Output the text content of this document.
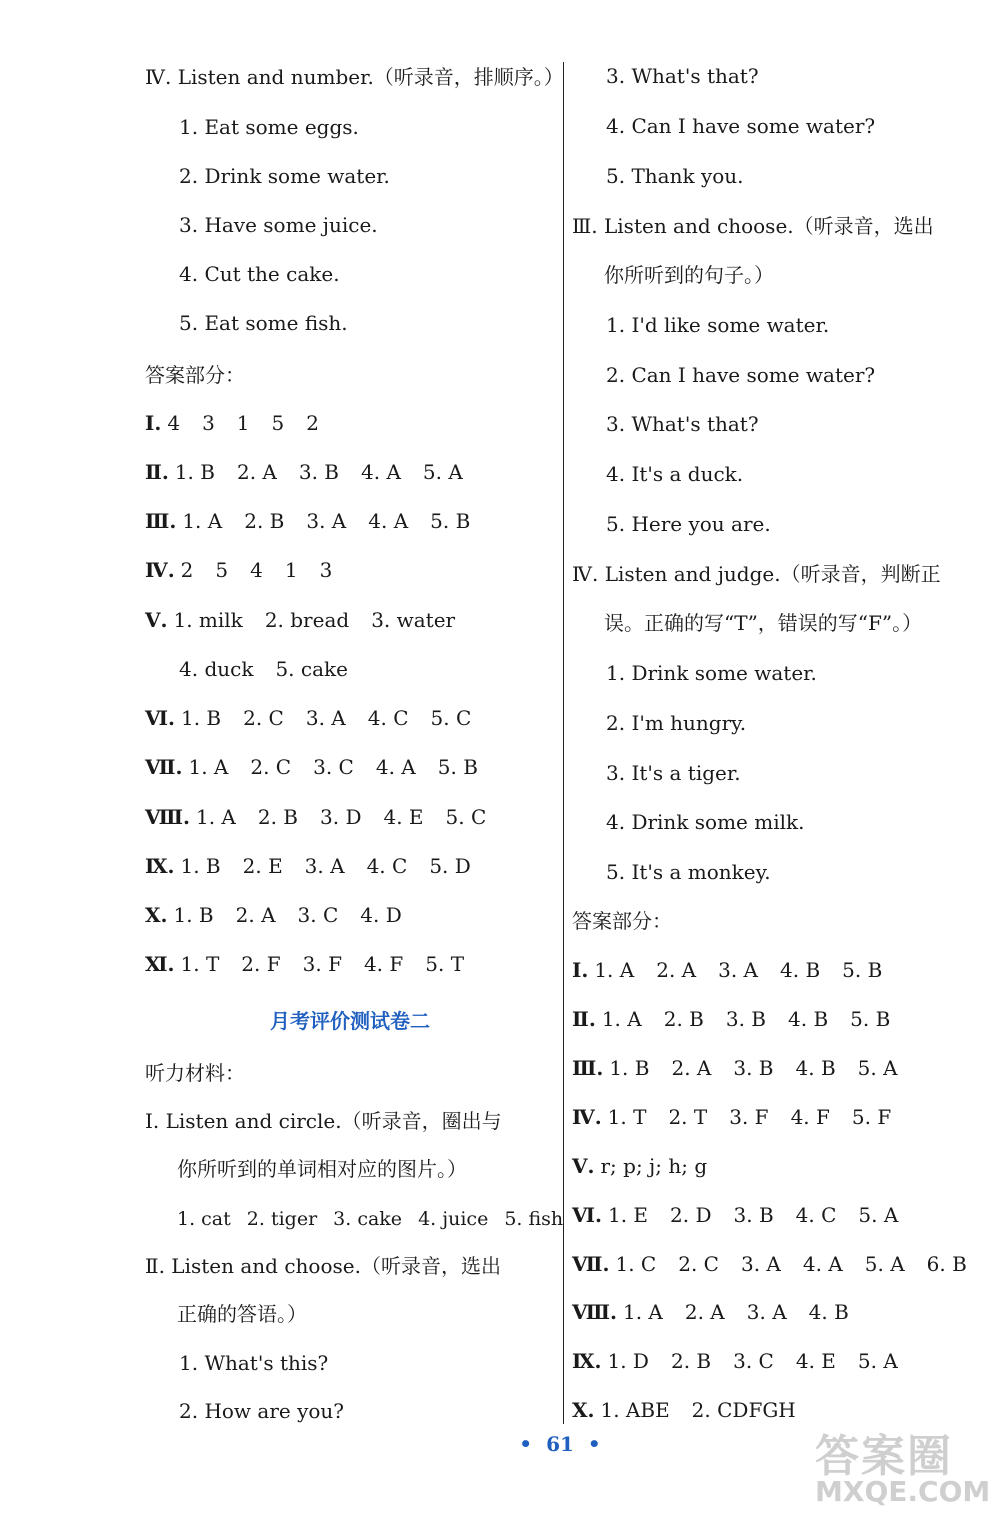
Ⅳ. Listen and number.（听录音，排顺序。）
1. Eat some eggs.
2. Drink some water.
3. Have some juice.
4. Cut the cake.
5. Eat some fish.
答案部分：
Ⅰ. 4 3 1 5 2
Ⅱ. 1. B 2. A 3. B 4. A 5. A
Ⅲ. 1. A 2. B 3. A 4. A 5. B
Ⅳ. 2 5 4 1 3
Ⅴ. 1. milk 2. bread 3. water
4. duck 5. cake
Ⅵ. 1. B 2. C 3. A 4. C 5. C
Ⅶ. 1. A 2. C 3. C 4. A 5. B
Ⅷ. 1. A 2. B 3. D 4. E 5. C
Ⅸ. 1. B 2. E 3. A 4. C 5. D
Ⅹ. 1. B 2. A 3. C 4. D
Ⅺ. 1. T 2. F 3. F 4. F 5. T
月考评价测试卷二
听力材料：
Ⅰ. Listen and circle.（听录音，圈出与
你所听到的单词相对应的图片。）
1. cat 2. tiger 3. cake 4. juice 5. fish
Ⅱ. Listen and choose.（听录音，选出
正确的答语。）
1. What's this?
2. How are you?
3. What's that?
4. Can I have some water?
5. Thank you.
Ⅲ. Listen and choose.（听录音，选出
你所听到的句子。）
1. I'd like some water.
2. Can I have some water?
3. What's that?
4. It's a duck.
5. Here you are.
Ⅳ. Listen and judge.（听录音，判断正
误。正确的写“T”，错误的写“F”。）
1. Drink some water.
2. I'm hungry.
3. It's a tiger.
4. Drink some milk.
5. It's a monkey.
答案部分：
Ⅰ. 1. A 2. A 3. A 4. B 5. B
Ⅱ. 1. A 2. B 3. B 4. B 5. B
Ⅲ. 1. B 2. A 3. B 4. B 5. A
Ⅳ. 1. T 2. T 3. F 4. F 5. F
Ⅴ. r; p; j; h; g
Ⅵ. 1. E 2. D 3. B 4. C 5. A
Ⅶ. 1. C 2. C 3. A 4. A 5. A 6. B
Ⅷ. 1. A 2. A 3. A 4. B
Ⅸ. 1. D 2. B 3. C 4. E 5. A
Ⅹ. 1. ABE 2. CDFGH
• 61 •	答案圈
MXQE.COM
